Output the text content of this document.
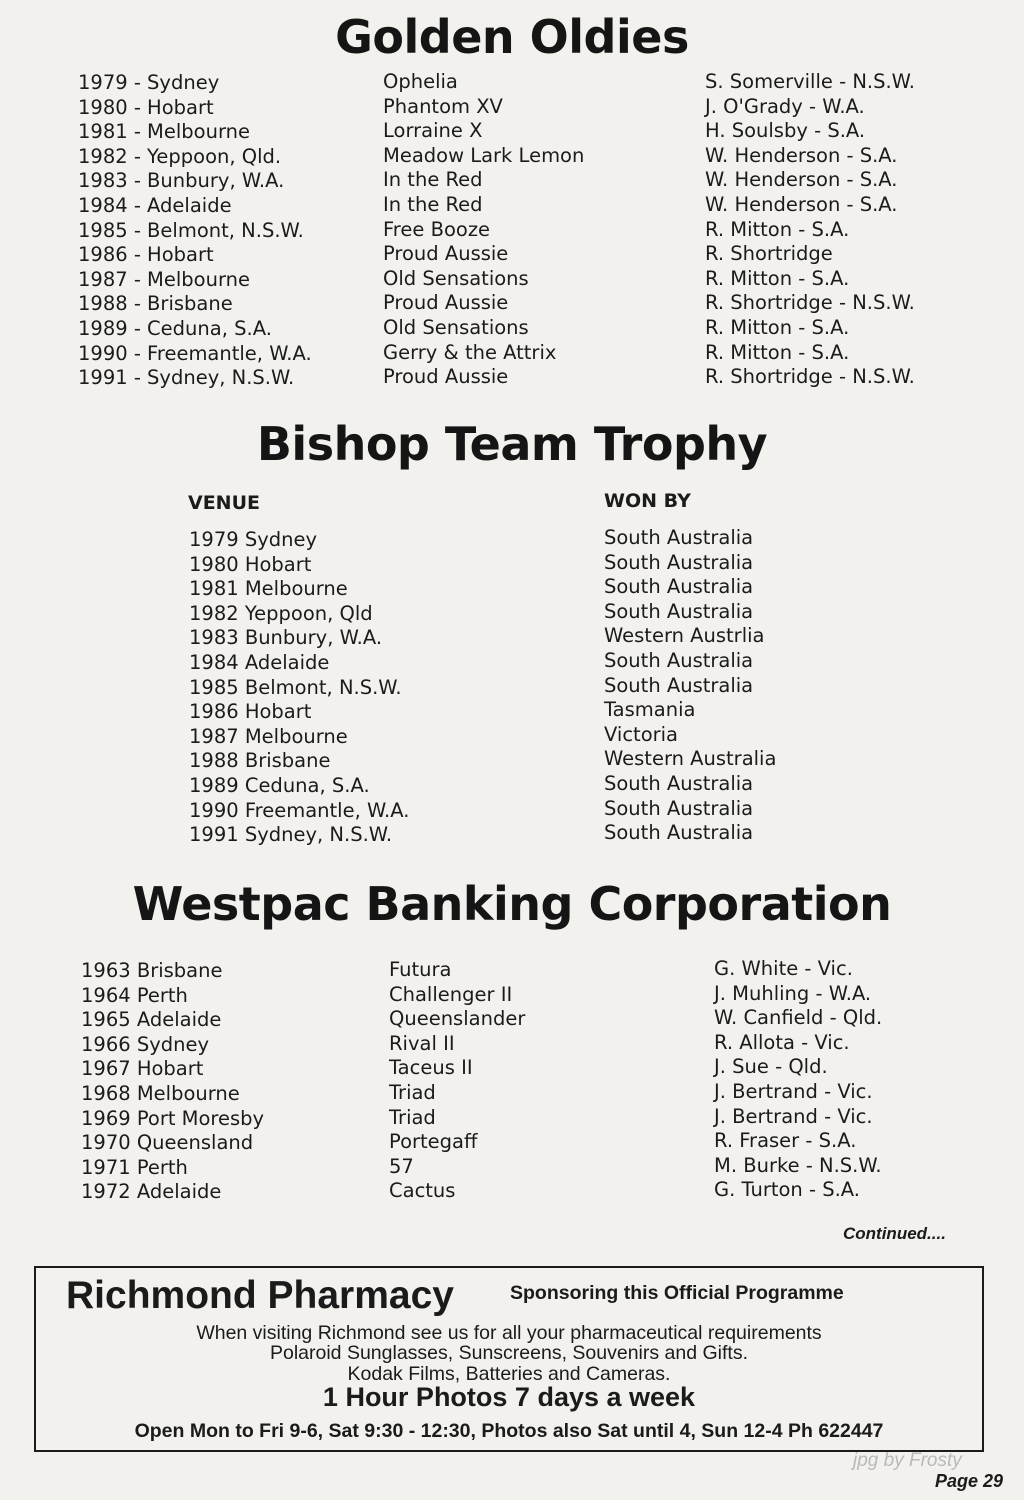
Golden Oldies
1979 - Sydney
1980 - Hobart
1981 - Melbourne
1982 - Yeppoon, Qld.
1983 - Bunbury, W.A.
1984 - Adelaide
1985 - Belmont, N.S.W.
1986 - Hobart
1987 - Melbourne
1988 - Brisbane
1989 - Ceduna, S.A.
1990 - Freemantle, W.A.
1991 - Sydney, N.S.W.
Ophelia
Phantom XV
Lorraine X
Meadow Lark Lemon
In the Red
In the Red
Free Booze
Proud Aussie
Old Sensations
Proud Aussie
Old Sensations
Gerry & the Attrix
Proud Aussie
S. Somerville - N.S.W.
J. O'Grady - W.A.
H. Soulsby - S.A.
W. Henderson - S.A.
W. Henderson - S.A.
W. Henderson - S.A.
R. Mitton - S.A.
R. Shortridge
R. Mitton - S.A.
R. Shortridge - N.S.W.
R. Mitton - S.A.
R. Mitton - S.A.
R. Shortridge - N.S.W.
Bishop Team Trophy
VENUE	WON BY
1979 Sydney
1980 Hobart
1981 Melbourne
1982 Yeppoon, Qld
1983 Bunbury, W.A.
1984 Adelaide
1985 Belmont, N.S.W.
1986 Hobart
1987 Melbourne
1988 Brisbane
1989 Ceduna, S.A.
1990 Freemantle, W.A.
1991 Sydney, N.S.W.
South Australia
South Australia
South Australia
South Australia
Western Austrlia
South Australia
South Australia
Tasmania
Victoria
Western Australia
South Australia
South Australia
South Australia
Westpac Banking Corporation
1963 Brisbane
1964 Perth
1965 Adelaide
1966 Sydney
1967 Hobart
1968 Melbourne
1969 Port Moresby
1970 Queensland
1971 Perth
1972 Adelaide
Futura
Challenger II
Queenslander
Rival II
Taceus II
Triad
Triad
Portegaff
57
Cactus
G. White - Vic.
J. Muhling - W.A.
W. Canfield - Qld.
R. Allota - Vic.
J. Sue - Qld.
J. Bertrand - Vic.
J. Bertrand - Vic.
R. Fraser - S.A.
M. Burke - N.S.W.
G. Turton - S.A.
Continued....
Richmond Pharmacy	Sponsoring this Official Programme
When visiting Richmond see us for all your pharmaceutical requirements
Polaroid Sunglasses, Sunscreens, Souvenirs and Gifts.
Kodak Films, Batteries and Cameras.
1 Hour Photos 7 days a week
Open Mon to Fri 9-6, Sat 9:30 - 12:30, Photos also Sat until 4, Sun 12-4 Ph 622447
jpg by Frosty
Page 29
